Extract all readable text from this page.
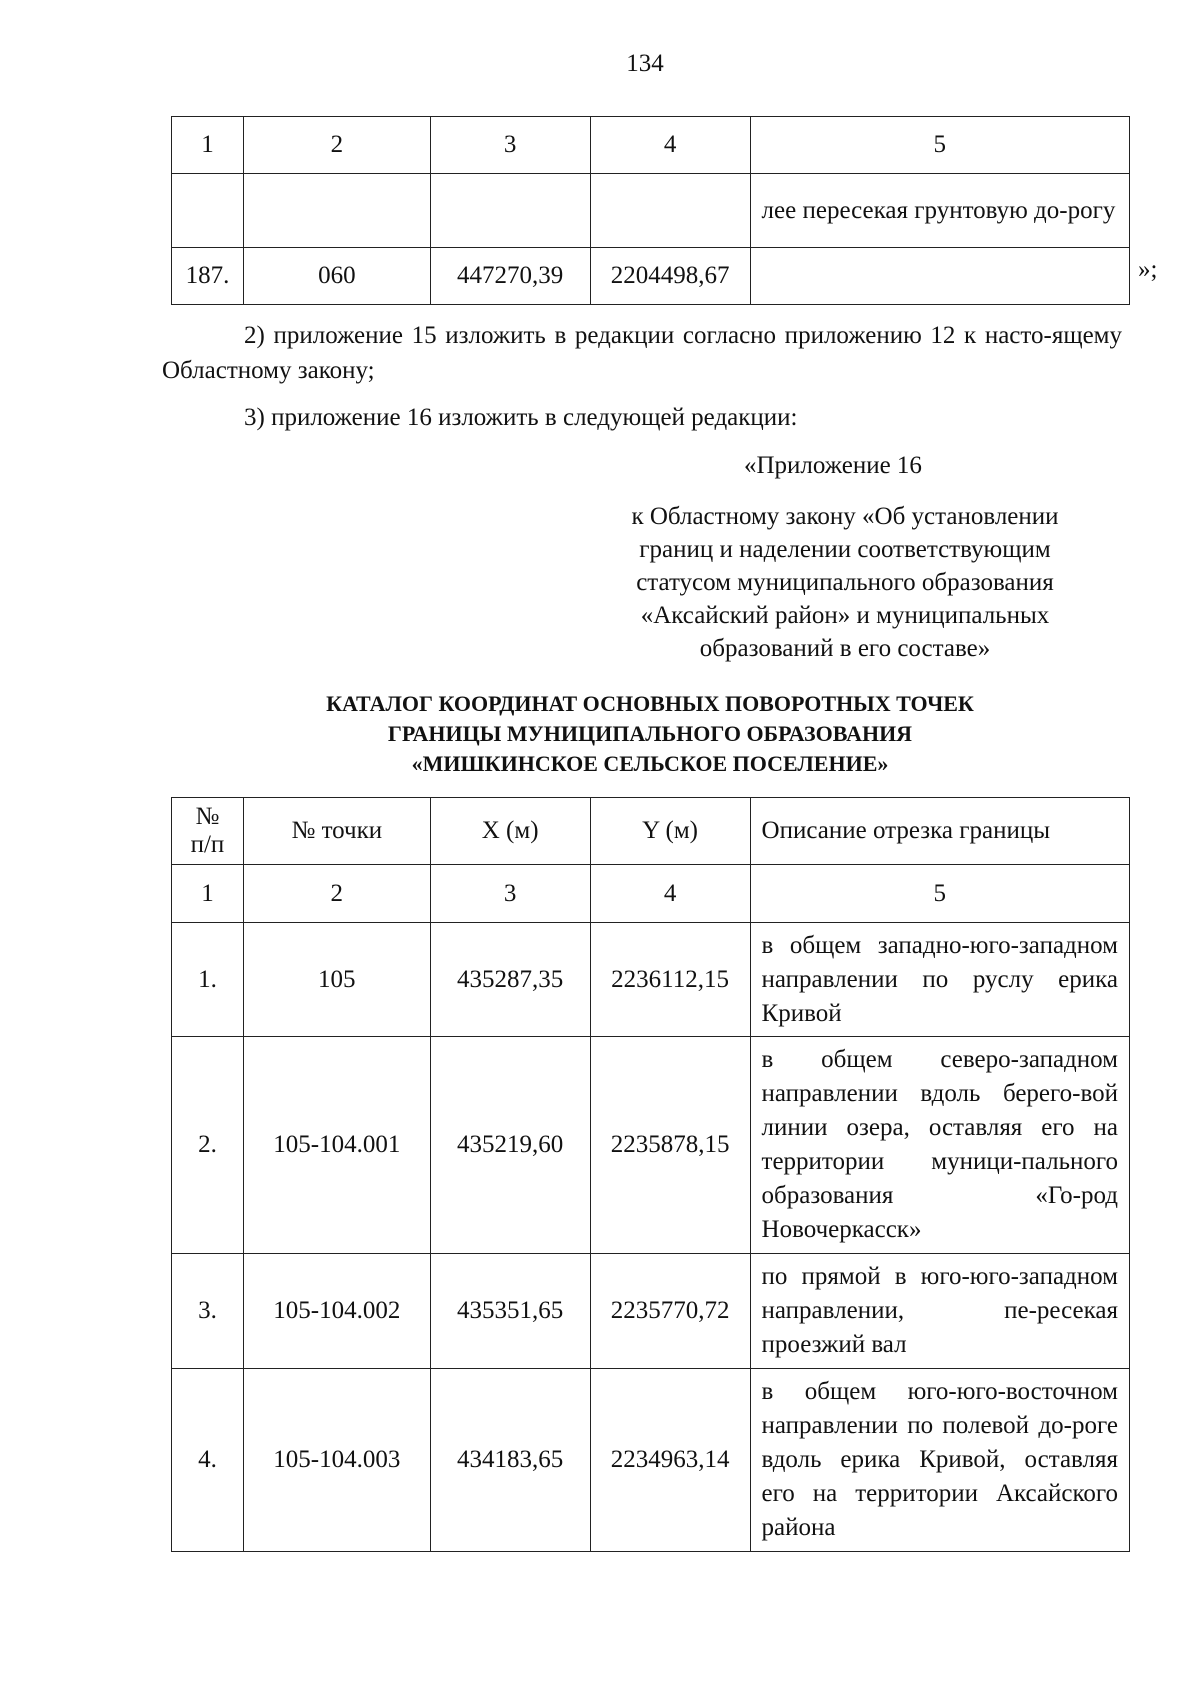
134
1	2	3	4	5
				лее пересекая грунтовую до-рогу
187.	060	447270,39	2204498,67		»;
2) приложение 15 изложить в редакции согласно приложению 12 к насто-ящему Областному закону;
3) приложение 16 изложить в следующей редакции:
«Приложение 16
к Областному закону «Об установлении
границ и наделении соответствующим
статусом муниципального образования
«Аксайский район» и муниципальных
образований в его составе»
КАТАЛОГ КООРДИНАТ ОСНОВНЫХ ПОВОРОТНЫХ ТОЧЕК
ГРАНИЦЫ МУНИЦИПАЛЬНОГО ОБРАЗОВАНИЯ
«МИШКИНСКОЕ СЕЛЬСКОЕ ПОСЕЛЕНИЕ»
№
п/п	№ точки	X (м)	Y (м)	Описание отрезка границы
1	2	3	4	5
1.	105	435287,35	2236112,15	в общем западно-юго-западном направлении по руслу ерика Кривой
2.	105-104.001	435219,60	2235878,15	в общем северо-западном направлении вдоль берего-вой линии озера, оставляя его на территории муници-пального образования «Го-род Новочеркасск»
3.	105-104.002	435351,65	2235770,72	по прямой в юго-юго-западном направлении, пе-ресекая проезжий вал
4.	105-104.003	434183,65	2234963,14	в общем юго-юго-восточном направлении по полевой до-роге вдоль ерика Кривой, оставляя его на территории Аксайского района
